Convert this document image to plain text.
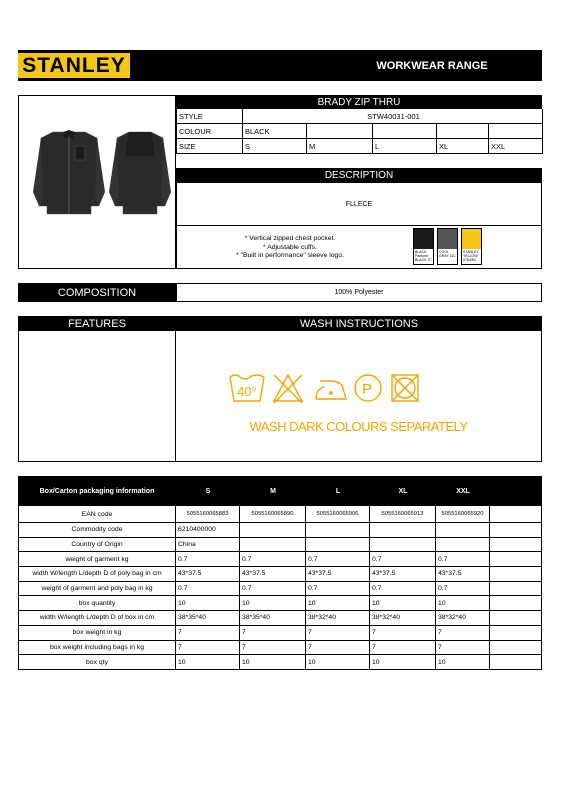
STANLEY	WORKWEAR RANGE
BRADY ZIP THRU
STYLE	STW40031-001
COLOUR	BLACK
SIZE	S	M	L	XL	XXL
DESCRIPTION
FLLECE
* Vertical zipped chest pocket.
* Adjustable cuffs.
* "Built in performance" sleeve logo.	BLACK
Pantone: BLACK 7C
COOL GRAY 11C
STANLEY YELLOW 0784/84
COMPOSITION	100% Polyester
FEATURES	WASH INSTRUCTIONS
40°	P
WASH DARK COLOURS SEPARATELY
Box/Carton packaging information	S	M	L	XL	XXL
EAN code	5055160065883	5055160065890	5055160065906	5055160065913	5055160065920
Commodity code	6210400000
Country of Origin	China
weight of garment kg	0.7	0.7	0.7	0.7	0.7
width W/length L/depth D of poly bag in cm	43*37.5	43*37.5	43*37.5	43*37.5	43*37.5
weight of garment and poly bag in kg	0.7	0.7	0.7	0.7	0.7
box quantity	10	10	10	10	10
width W/length L/depth D of box in cm	38*35*40	38*35*40	38*32*40	38*32*40	38*32*40
box weight in kg	7	7	7	7	7
box weight including bags in kg	7	7	7	7	7
box qty	10	10	10	10	10
